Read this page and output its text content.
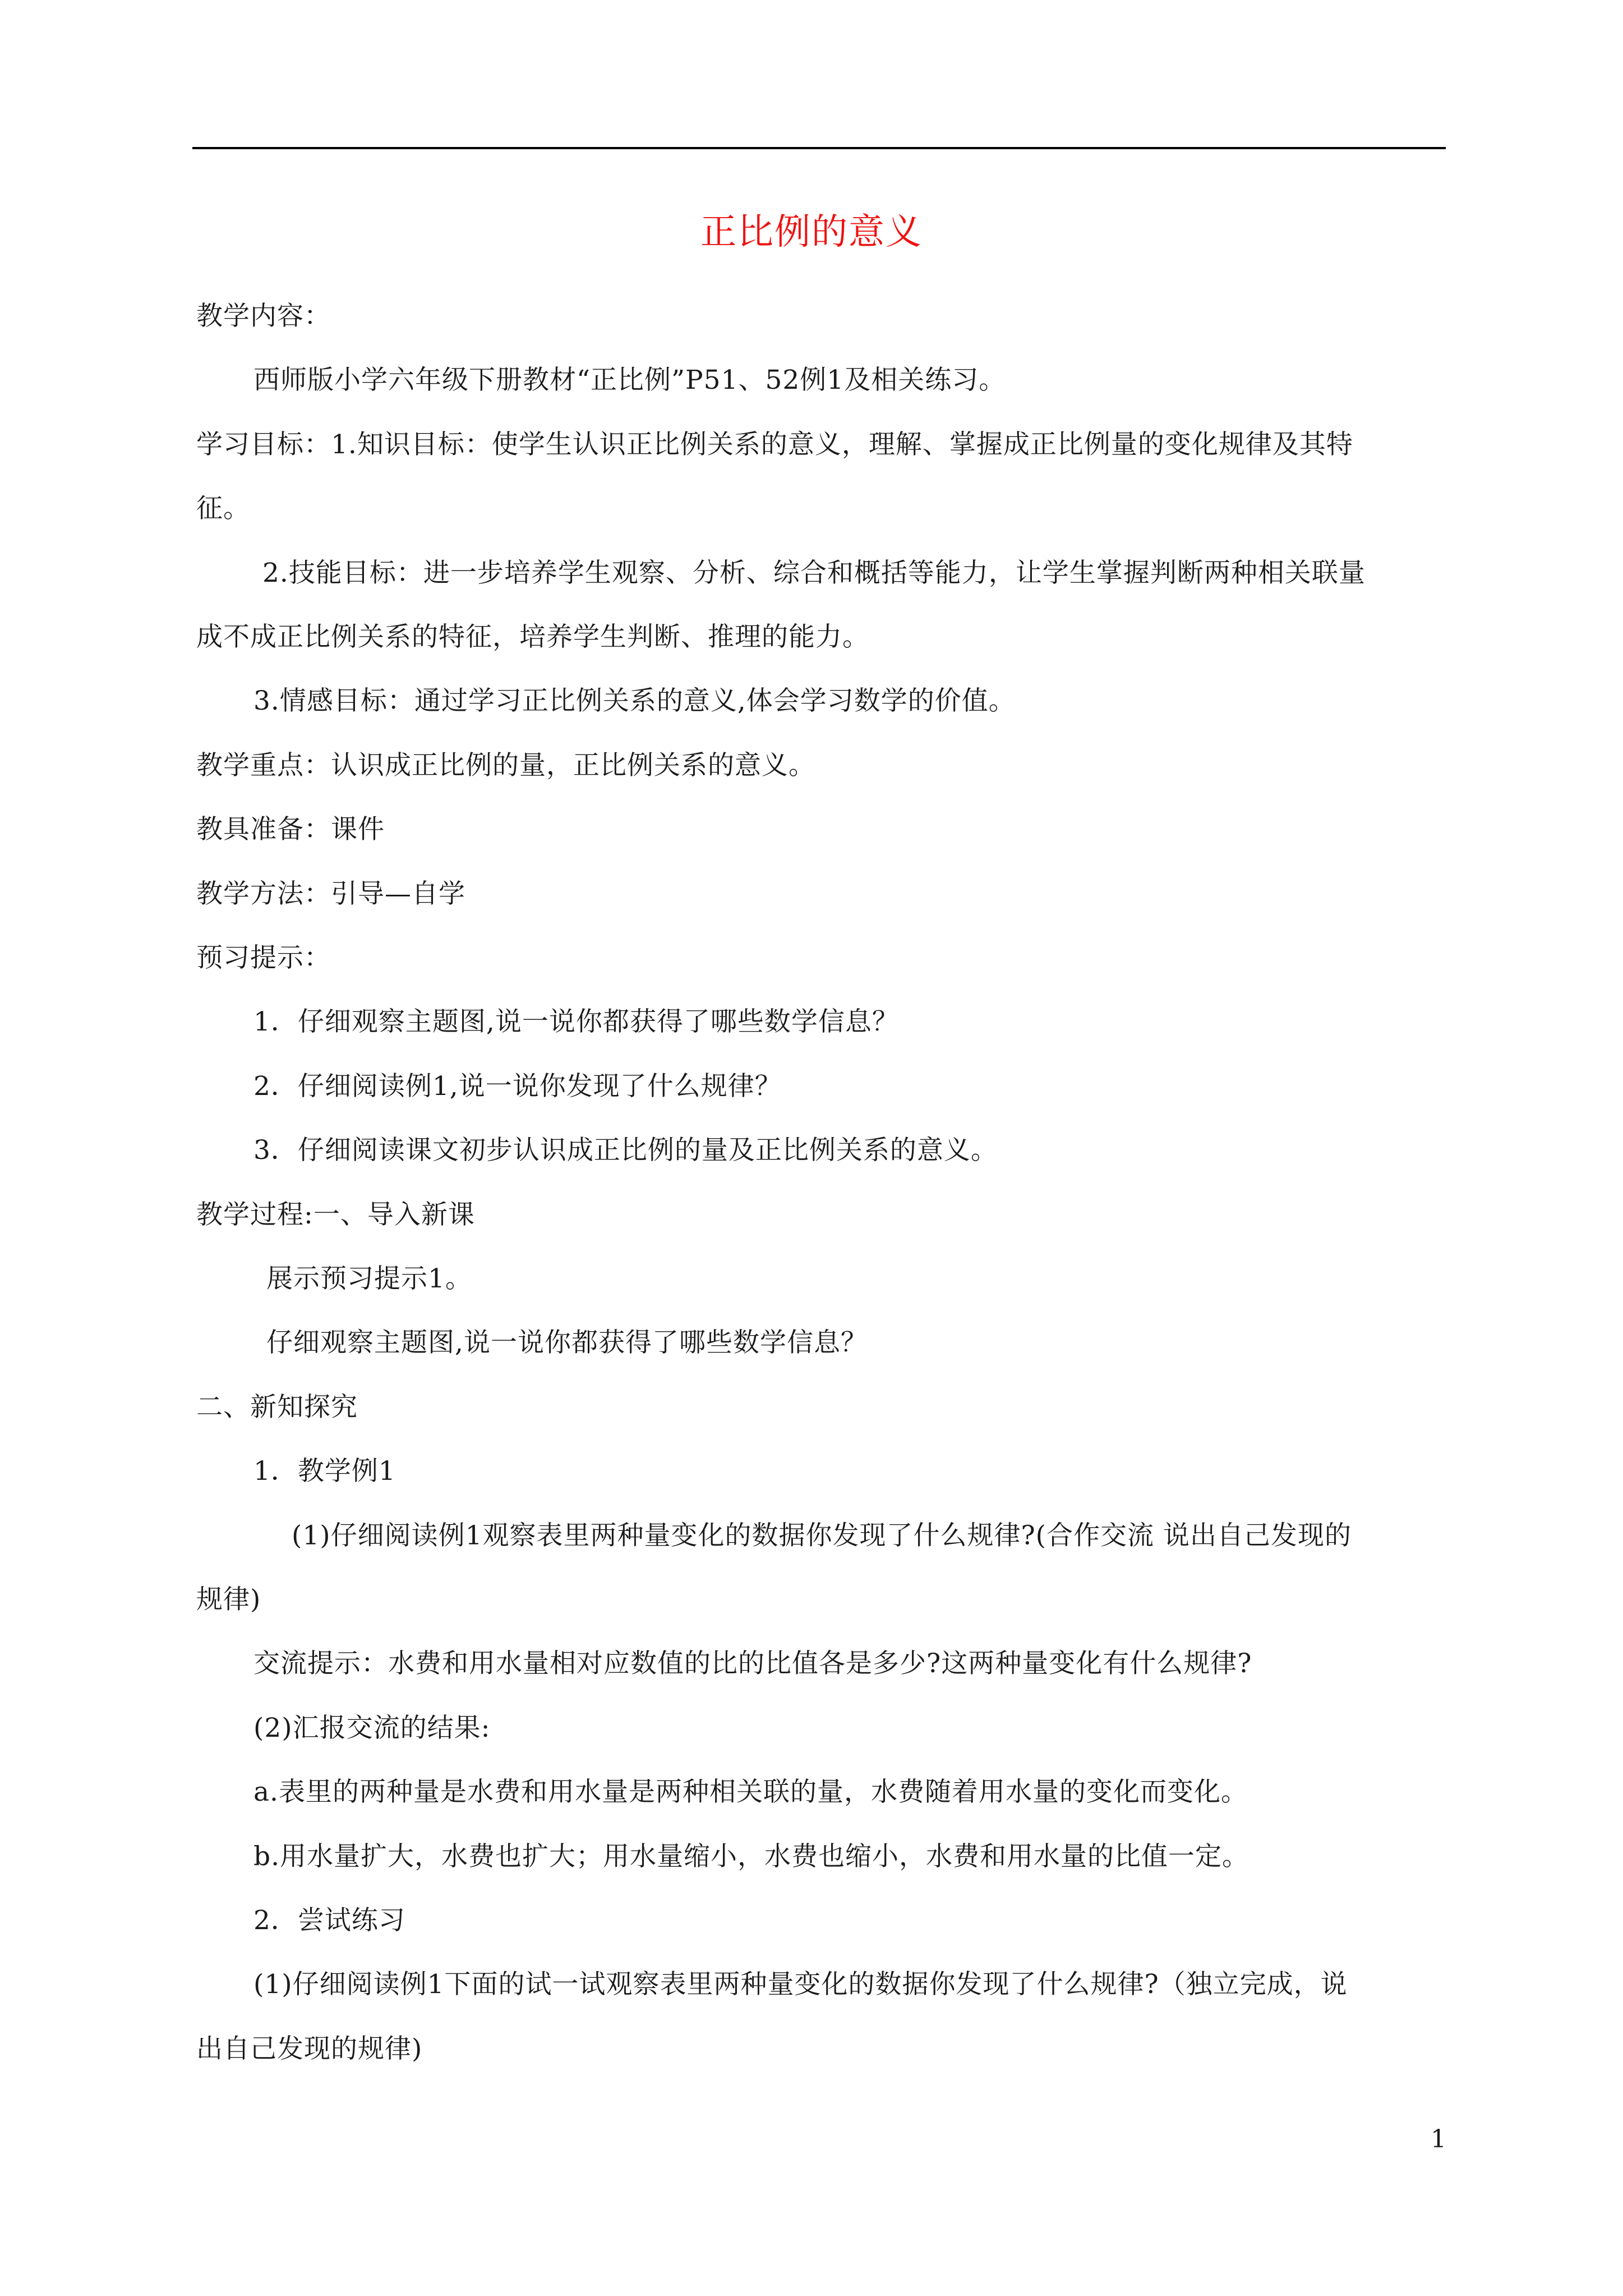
正比例的意义
教学内容：
西师版小学六年级下册教材“正比例”P51、52例1及相关练习。
学习目标：1.知识目标：使学生认识正比例关系的意义，理解、掌握成正比例量的变化规律及其特
征。
2.技能目标：进一步培养学生观察、分析、综合和概括等能力，让学生掌握判断两种相关联量
成不成正比例关系的特征，培养学生判断、推理的能力。
3.情感目标：通过学习正比例关系的意义,体会学习数学的价值。
教学重点：认识成正比例的量，正比例关系的意义。
教具准备：课件
教学方法：引导—自学
预习提示：
1．仔细观察主题图,说一说你都获得了哪些数学信息？
2．仔细阅读例1,说一说你发现了什么规律？
3．仔细阅读课文初步认识成正比例的量及正比例关系的意义。
教学过程:一、导入新课
展示预习提示1。
仔细观察主题图,说一说你都获得了哪些数学信息？
二、新知探究
1．教学例1
(1)仔细阅读例1观察表里两种量变化的数据你发现了什么规律?(合作交流 说出自己发现的
规律)
交流提示：水费和用水量相对应数值的比的比值各是多少?这两种量变化有什么规律?
(2)汇报交流的结果:
a.表里的两种量是水费和用水量是两种相关联的量，水费随着用水量的变化而变化。
b.用水量扩大，水费也扩大；用水量缩小，水费也缩小，水费和用水量的比值一定。
2．尝试练习
(1)仔细阅读例1下面的试一试观察表里两种量变化的数据你发现了什么规律?（独立完成，说
出自己发现的规律)
1
